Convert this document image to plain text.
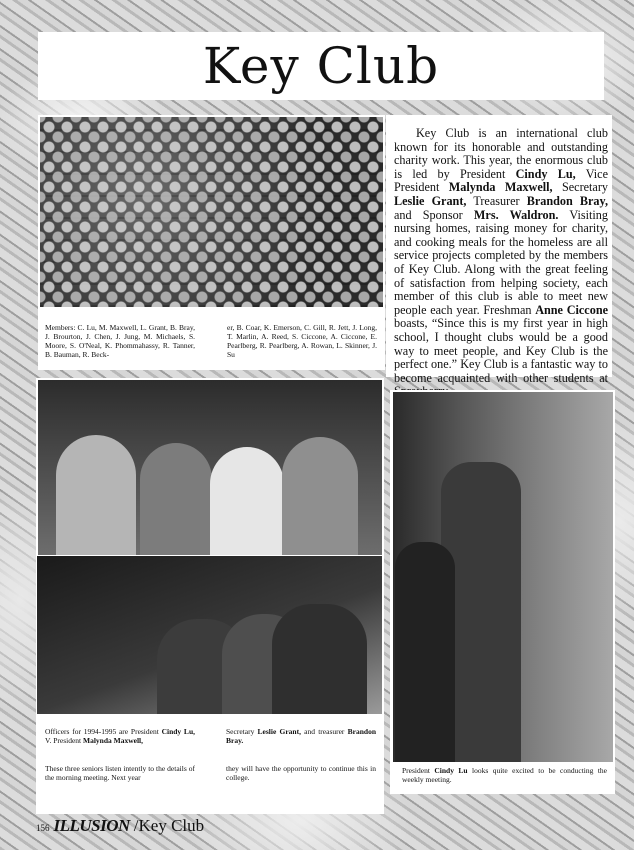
Key Club
Members: C. Lu, M. Maxwell, L. Grant, B. Bray, J. Brourton, J. Chen, J. Jung, M. Michaels, S. Moore, S. O'Neal, K. Phommahassy, R. Tanner, B. Bauman, R. Beck-
er, B. Coar, K. Emerson, C. Gill, R. Jett, J. Long, T. Marlin, A. Reed, S. Ciccone, A. Ciccone, E. Pearlberg, R. Pearlberg, A. Rowan, L. Skinner, J. Su
Key Club is an international club known for its honorable and outstanding charity work. This year, the enormous club is led by President Cindy Lu, Vice President Malynda Maxwell, Secretary Leslie Grant, Treasurer Brandon Bray, and Sponsor Mrs. Waldron. Visiting nursing homes, raising money for charity, and cooking meals for the homeless are all service projects completed by the members of Key Club. Along with the great feeling of satisfaction from helping society, each member of this club is able to meet new people each year. Freshman Anne Ciccone boasts, “Since this is my first year in high school, I thought clubs would be a good way to meet people, and Key Club is the perfect one.” Key Club is a fantastic way to become acquainted with other students at
Officers for 1994-1995 are President Cindy Lu, V. President Malynda Maxwell,
Secretary Leslie Grant, and treasurer Brandon Bray.
These three seniors listen intently to the details of the morning meeting. Next year
they will have the opportunity to continue this in college.
President Cindy Lu looks quite excited to be conducting the weekly meeting.
156 ILLUSION /Key Club
